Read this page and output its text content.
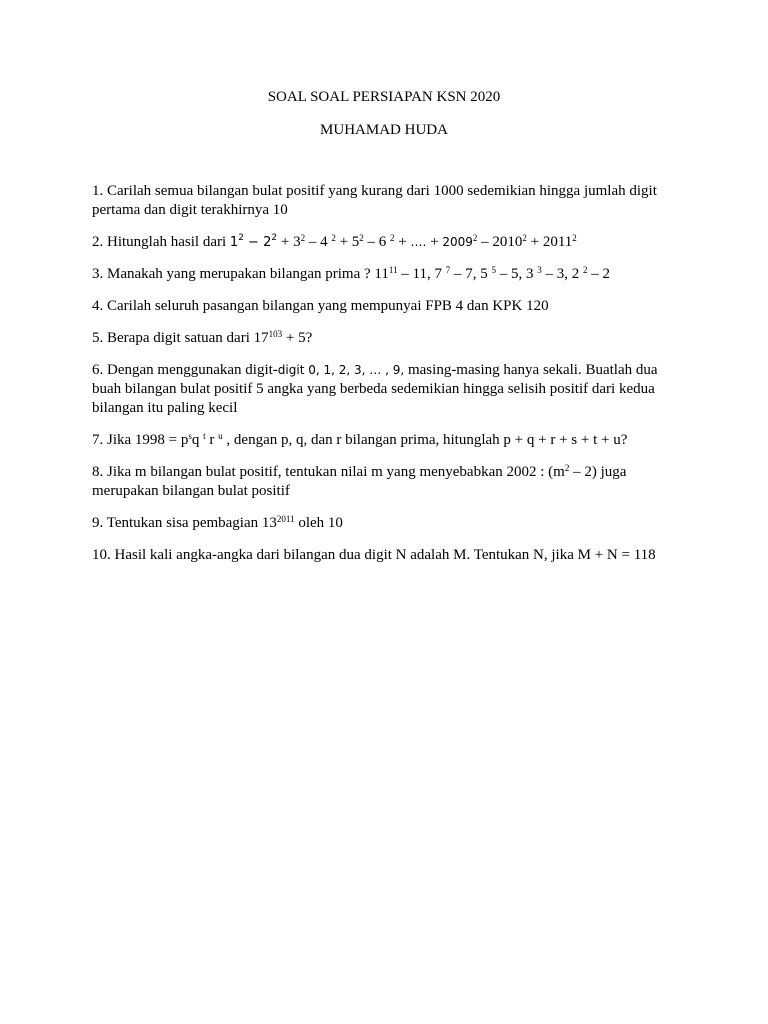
SOAL SOAL PERSIAPAN KSN 2020
MUHAMAD HUDA

1. Carilah semua bilangan bulat positif yang kurang dari 1000 sedemikian hingga jumlah digit pertama dan digit terakhirnya 10

2. Hitunglah hasil dari $1^2 - 2^2 + 3^2 - 4$ $^2 + 5^2 - 6$ $^2$ + …. + $2009^2 - 2010^2 + 2011^2$

3. Manakah yang merupakan bilangan prima ? $11^{11} - 11$, 7 $^7$ – 7, 5 $^5$ – 5, 3 $^3$ – 3, 2 $^2$ – 2

4. Carilah seluruh pasangan bilangan yang mempunyai FPB 4 dan KPK 120

5. Berapa digit satuan dari $17^{103} + 5$?

6. Dengan menggunakan digit-digit 0, 1, 2, 3, … , 9, masing-masing hanya sekali. Buatlah dua buah bilangan bulat positif 5 angka yang berbeda sedemikian hingga selisih positif dari kedua bilangan itu paling kecil

7. Jika $1998 = p^sq$ $^t$ r $^u$ , dengan p, q, dan r bilangan prima, hitunglah p + q + r + s + t + u?

8. Jika m bilangan bulat positif, tentukan nilai m yang menyebabkan 2002 : $(m^2 - 2)$ juga merupakan bilangan bulat positif

9. Tentukan sisa pembagian $13^{2011}$ oleh 10

10. Hasil kali angka-angka dari bilangan dua digit N adalah M. Tentukan N, jika M + N = 118
